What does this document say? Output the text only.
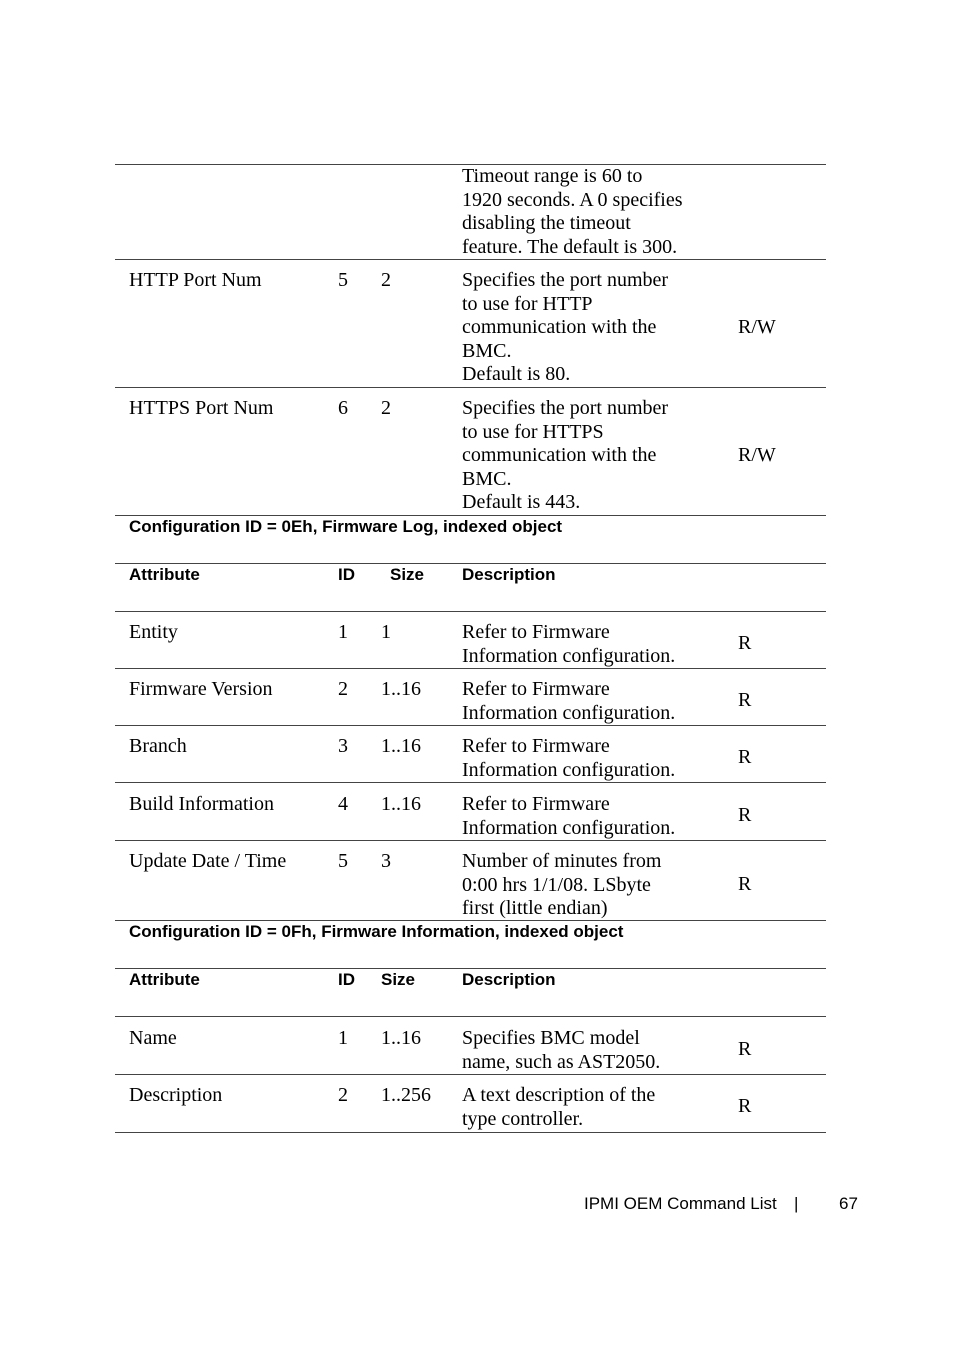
Timeout range is 60 to
1920 seconds. A 0 specifies
disabling the timeout
feature. The default is 300.
HTTP Port Num	5 2	Specifies the port number
to use for HTTP
communication with the
BMC.
Default is 80.
R/W
HTTPS Port Num	6 2	Specifies the port number
to use for HTTPS
communication with the
BMC.
Default is 443.
R/W
Configuration ID = 0Eh, Firmware Log, indexed object
Attribute	ID Size Description
Entity	1 1	Refer to Firmware
Information configuration.
R
Firmware Version	2 1..16 Refer to Firmware
Information configuration.
R
Branch	3 1..16 Refer to Firmware
Information configuration.
R
Build Information	4 1..16 Refer to Firmware
Information configuration.
R
Update Date / Time	5 3	Number of minutes from
0:00 hrs 1/1/08. LSbyte
first (little endian)
R
Configuration ID = 0Fh, Firmware Information, indexed object
Attribute	ID Size	Description
Name	1 1..16 Specifies BMC model
name, such as AST2050.
R
Description	2 1..256 A text description of the
type controller.
R
IPMI OEM Command List | 67
